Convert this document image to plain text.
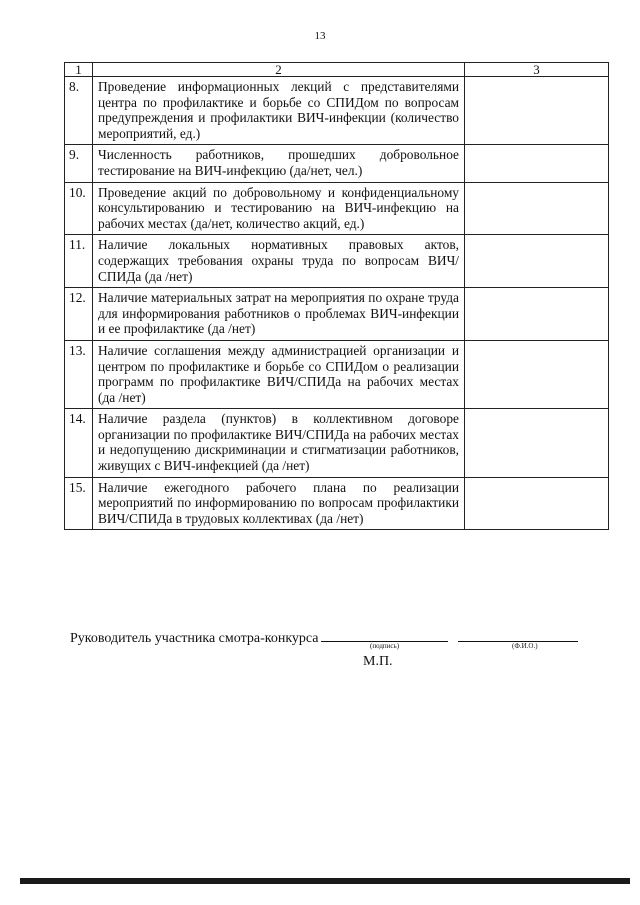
13
1	2	3
8.	Проведение информационных лекций с представителями центра по профилактике и борьбе со СПИДом по вопросам предупреждения и профилактики ВИЧ-инфекции (количество мероприятий, ед.)	
9.	Численность работников, прошедших добровольное тестирование на ВИЧ-инфекцию (да/нет, чел.)	
10.	Проведение акций по добровольному и конфиденциальному консультированию и тестированию на ВИЧ-инфекцию на рабочих местах (да/нет, количество акций, ед.)	
11.	Наличие локальных нормативных правовых актов, содержащих требования охраны труда по вопросам ВИЧ/СПИДа (да /нет)	
12.	Наличие материальных затрат на мероприятия по охране труда для информирования работников о проблемах ВИЧ-инфекции и ее профилактике (да /нет)	
13.	Наличие соглашения между администрацией организации и центром по профилактике и борьбе со СПИДом о реализации программ по профилактике ВИЧ/СПИДа на рабочих местах (да /нет)	
14.	Наличие раздела (пунктов) в коллективном договоре организации по профилактике ВИЧ/СПИДа на рабочих местах и недопущению дискриминации и стигматизации работников, живущих с ВИЧ-инфекцией (да /нет)	
15.	Наличие ежегодного рабочего плана по реализации мероприятий по информированию по вопросам профилактики ВИЧ/СПИДа в трудовых коллективах (да /нет)	
Руководитель участника смотра-конкурса	(подпись)	(Ф.И.О.)
М.П.
